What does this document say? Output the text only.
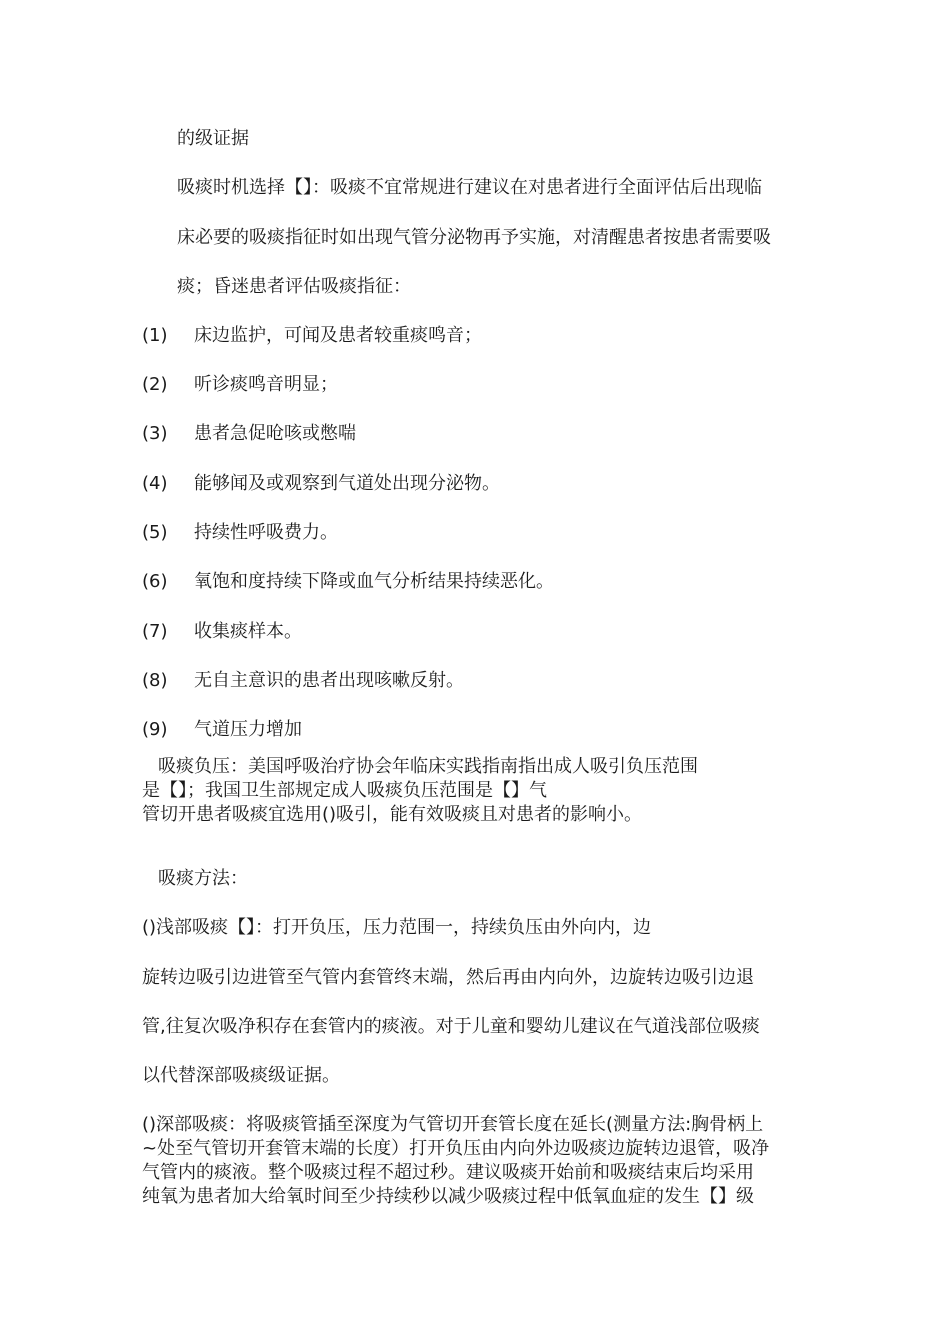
的级证据
吸痰时机选择【】：吸痰不宜常规进行建议在对患者进行全面评估后出现临
床必要的吸痰指征时如出现气管分泌物再予实施，对清醒患者按患者需要吸
痰；昏迷患者评估吸痰指征：
(1) 床边监护，可闻及患者较重痰鸣音；
(2) 听诊痰鸣音明显；
(3) 患者急促呛咳或憋喘
(4) 能够闻及或观察到气道处出现分泌物。
(5) 持续性呼吸费力。
(6) 氧饱和度持续下降或血气分析结果持续恶化。
(7) 收集痰样本。
(8) 无自主意识的患者出现咳嗽反射。
(9) 气道压力增加
吸痰负压：美国呼吸治疗协会年临床实践指南指出成人吸引负压范围
是【】；我国卫生部规定成人吸痰负压范围是【】气
管切开患者吸痰宜选用()吸引，能有效吸痰且对患者的影响小。
吸痰方法：
()浅部吸痰【】：打开负压，压力范围一，持续负压由外向内，边
旋转边吸引边进管至气管内套管终末端，然后再由内向外，边旋转边吸引边退
管,往复次吸净积存在套管内的痰液。对于儿童和婴幼儿建议在气道浅部位吸痰
以代替深部吸痰级证据。
()深部吸痰：将吸痰管插至深度为气管切开套管长度在延长(测量方法:胸骨柄上
~处至气管切开套管末端的长度）打开负压由内向外边吸痰边旋转边退管，吸净
气管内的痰液。整个吸痰过程不超过秒。建议吸痰开始前和吸痰结束后均采用
纯氧为患者加大给氧时间至少持续秒以减少吸痰过程中低氧血症的发生【】级
